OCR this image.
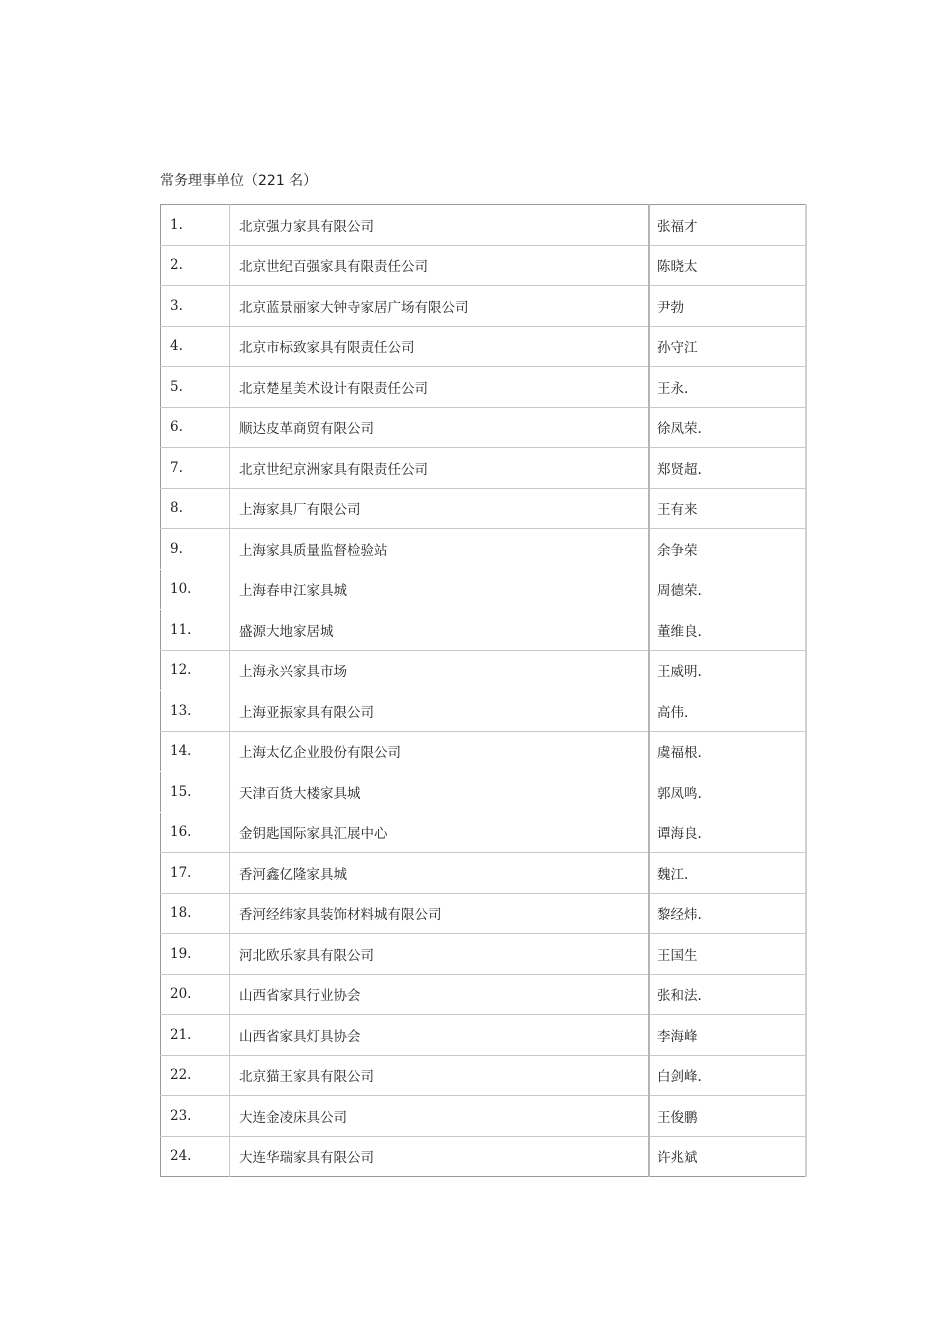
常务理事单位（221 名）
1.	北京强力家具有限公司	张福才
2.	北京世纪百强家具有限责任公司	陈晓太
3.	北京蓝景丽家大钟寺家居广场有限公司	尹勃
4.	北京市标致家具有限责任公司	孙守江
5.	北京楚星美术设计有限责任公司	王永.
6.	顺达皮革商贸有限公司	徐凤荣.
7.	北京世纪京洲家具有限责任公司	郑贤超.
8.	上海家具厂有限公司	王有来
9.	上海家具质量监督检验站	余争荣
10.	上海春申江家具城	周德荣.
11.	盛源大地家居城	董维良.
12.	上海永兴家具市场	王威明.
13.	上海亚振家具有限公司	高伟.
14.	上海太亿企业股份有限公司	虞福根.
15.	天津百货大楼家具城	郭凤鸣.
16.	金钥匙国际家具汇展中心	谭海良.
17.	香河鑫亿隆家具城	魏江.
18.	香河经纬家具装饰材料城有限公司	黎经炜.
19.	河北欧乐家具有限公司	王国生
20.	山西省家具行业协会	张和法.
21.	山西省家具灯具协会	李海峰
22.	北京猫王家具有限公司	白剑峰.
23.	大连金凌床具公司	王俊鹏
24.	大连华瑞家具有限公司	许兆斌
